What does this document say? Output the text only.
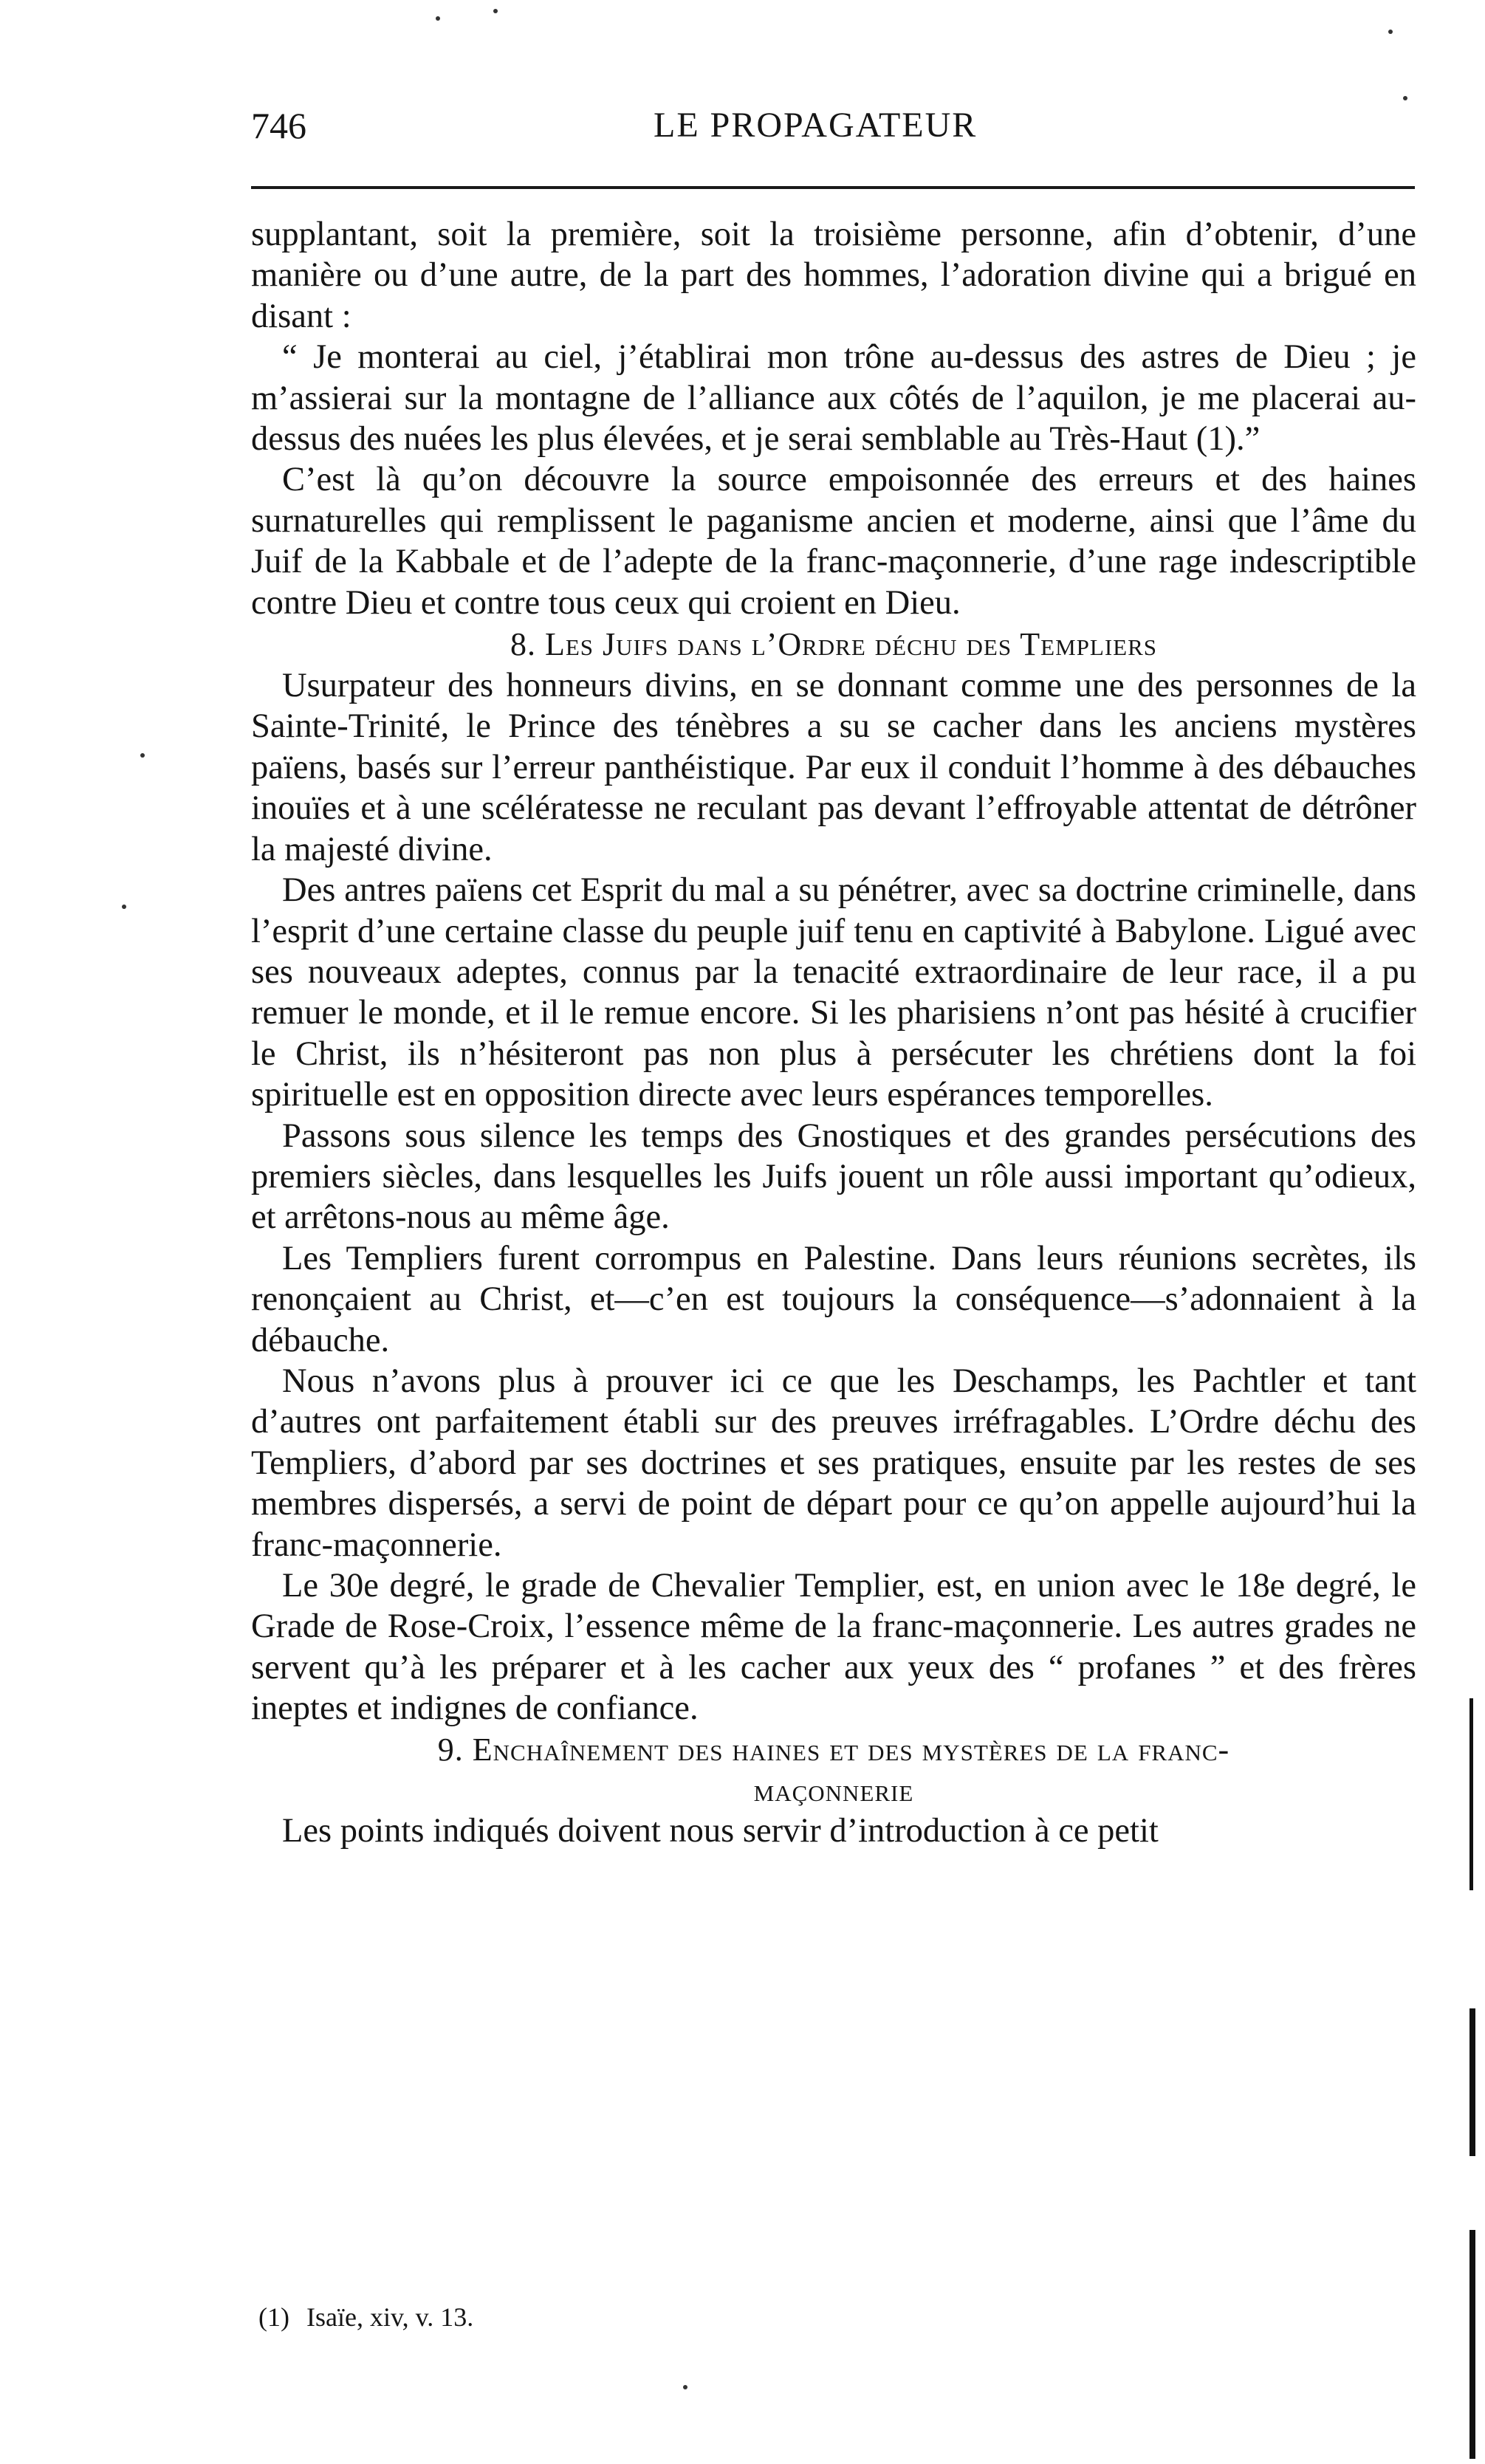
746	LE PROPAGATEUR

supplantant, soit la première, soit la troisième personne, afin d’obtenir, d’une manière ou d’une autre, de la part des hommes, l’adoration divine qui a brigué en disant :

“ Je monterai au ciel, j’établirai mon trône au-dessus des astres de Dieu ; je m’assierai sur la montagne de l’alliance aux côtés de l’aquilon, je me placerai au-dessus des nuées les plus élevées, et je serai semblable au Très-Haut (1).”

C’est là qu’on découvre la source empoisonnée des erreurs et des haines surnaturelles qui remplissent le paganisme ancien et moderne, ainsi que l’âme du Juif de la Kabbale et de l’adepte de la franc-maçonnerie, d’une rage indescriptible contre Dieu et contre tous ceux qui croient en Dieu.

8. Les Juifs dans l’Ordre déchu des Templiers

Usurpateur des honneurs divins, en se donnant comme une des personnes de la Sainte-Trinité, le Prince des ténèbres a su se cacher dans les anciens mystères païens, basés sur l’erreur panthéistique. Par eux il conduit l’homme à des débauches inouïes et à une scélératesse ne reculant pas devant l’effroyable attentat de détrôner la majesté divine.

Des antres païens cet Esprit du mal a su pénétrer, avec sa doctrine criminelle, dans l’esprit d’une certaine classe du peuple juif tenu en captivité à Babylone. Ligué avec ses nouveaux adeptes, connus par la tenacité extraordinaire de leur race, il a pu remuer le monde, et il le remue encore. Si les pharisiens n’ont pas hésité à crucifier le Christ, ils n’hésiteront pas non plus à persécuter les chrétiens dont la foi spirituelle est en opposition directe avec leurs espérances temporelles.

Passons sous silence les temps des Gnostiques et des grandes persécutions des premiers siècles, dans lesquelles les Juifs jouent un rôle aussi important qu’odieux, et arrêtons-nous au même âge.

Les Templiers furent corrompus en Palestine. Dans leurs réunions secrètes, ils renonçaient au Christ, et—c’en est toujours la conséquence—s’adonnaient à la débauche.

Nous n’avons plus à prouver ici ce que les Deschamps, les Pachtler et tant d’autres ont parfaitement établi sur des preuves irréfragables. L’Ordre déchu des Templiers, d’abord par ses doctrines et ses pratiques, ensuite par les restes de ses membres dispersés, a servi de point de départ pour ce qu’on appelle aujourd’hui la franc-maçonnerie.

Le 30e degré, le grade de Chevalier Templier, est, en union avec le 18e degré, le Grade de Rose-Croix, l’essence même de la franc-maçonnerie. Les autres grades ne servent qu’à les préparer et à les cacher aux yeux des “ profanes ” et des frères ineptes et indignes de confiance.

9. Enchaînement des haines et des mystères de la franc-
maçonnerie

Les points indiqués doivent nous servir d’introduction à ce petit

(1) Isaïe, xiv, v. 13.
